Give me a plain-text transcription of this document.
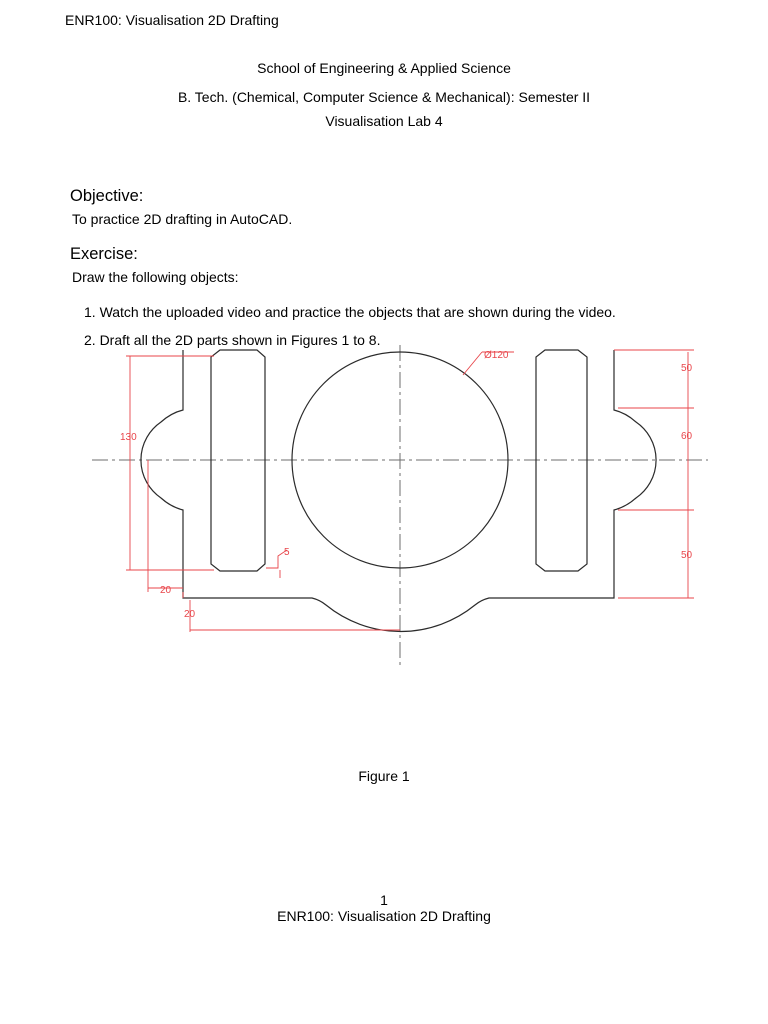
ENR100: Visualisation 2D Drafting
School of Engineering & Applied Science
B. Tech. (Chemical, Computer Science & Mechanical): Semester II
Visualisation Lab 4
Objective:
To practice 2D drafting in AutoCAD.
Exercise:
Draw the following objects:
1. Watch the uploaded video and practice the objects that are shown during the video.
2. Draft all the 2D parts shown in Figures 1 to 8.
Ø120
130
50
60
50
5
20
20
Figure 1
1
ENR100: Visualisation 2D Drafting
